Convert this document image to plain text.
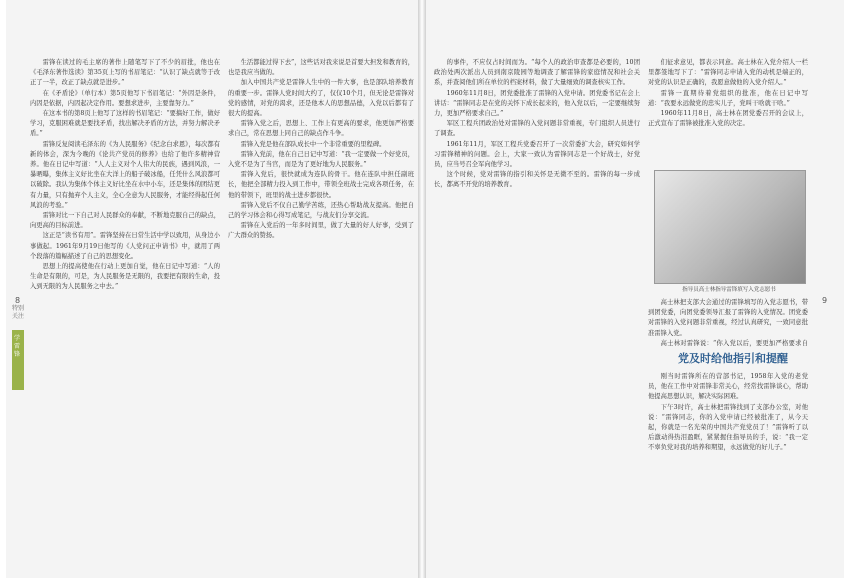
特别关注
学雷锋

雷锋在读过的毛主席的著作上随笔写下了不少的眉批，他也在《毛泽东著作选读》第35页上写的书眉笔记：“认识了缺点就等于改正了一半，改正了缺点就是进步。”

在《矛盾论》（单行本）第5页他写下书眉笔记：“外因是条件，内因是依据，内因起决定作用。要想求进步，主要靠努力。”

在这本书的第8页上他写了这样的书眉笔记：“要搞好工作，做好学习，克服困难就是要找矛盾，找出解决矛盾的方法，并努力解决矛盾。”

雷锋反复阅读毛泽东的《为人民服务》《纪念白求恩》，每次都有新的体会，深为今晚的《论共产党员的修养》也给了他许多精神营养。他在日记中写道：“人人主义对个人伟大的民族，遇到风浪，一暴晒曝，集体主义好比坐在大洋上的船子破冰船，任凭什么风浪都可以破除。我认为集体个体主义好比坐在水中小车，还是集体的团结更有力量，只有抛弃个人主义，全心全意为人民服务，才能经得起任何风浪的考验。”

雷锋对比一下自己对人民群众的奉献，不断地克服自己的缺点，向更高的目标前进。

这正是“读书有用”。雷锋坚持在日常生活中学以致用，从身边小事做起。1961年9月19日他写的《人党问正申请书》中，就用了两个段落的篇幅描述了自己的思想变化。

思想上的提高使他在行动上更加自觉，他在日记中写道：“人的生命是有限的，可是，为人民服务是无限的，我要把有限的生命，投入到无限的为人民服务之中去。”

生活都能过得下去”，这些话对我来说是首要大担发和教育的，也是我应当做的。

加入中国共产党是雷锋人生中的一件大事，也是部队培养教育的重要一步。雷锋人党时间大约了，仅仅10个月，但无论是雷锋对党的感情，对党的渴求，还是他本人的思想品德，入党以后都有了很大的提高。

雷锋入党之后，思想上、工作上有更高的要求，他更加严格要求自己，常在思想上同自己的缺点作斗争。

雷锋入党是他在部队成长中一个非常重要的里程碑。

雷锋入党前，他在自己日记中写道：“我一定要做一个好党员，入党不是为了当官，而是为了更好地为人民服务。”

雷锋入党后，很快就成为连队的骨干。他在连队中担任副班长，他把全部精力投入到工作中，带领全班战士完成各项任务，在他的带领下，班里的战士进步都很快。

雷锋入党后不仅自己勤学苦练，还热心帮助战友提高。他把自己的学习体会和心得写成笔记，与战友们分享交流。

雷锋在入党后的一年多时间里，做了大量的好人好事，受到了广大群众的赞扬。

的事件，不应仅占时间而为。“每个人的政治审查都是必要的，10团政治处两次派出人员到南京陵园等地调查了解雷锋的家庭情况和社会关系，并查阅他们所在单位的档案材料，做了大量细致的调查核实工作。

1960年11月8日，团党委批准了雷锋的入党申请。团党委书记在会上讲话：“雷锋同志是在党的关怀下成长起来的，他入党以后，一定要继续努力，更加严格要求自己。”

军区工程兵团政治处对雷锋的入党问题非常重视，专门组织人员进行了调查。

1961年11月，军区工程兵党委召开了一次常委扩大会，研究如何学习雷锋精神的问题。会上，大家一致认为雷锋同志是一个好战士，好党员，应当号召全军向他学习。

这个时候，党对雷锋的指引和关怀是无微不至的。雷锋的每一步成长，都离不开党的培养教育。

们征求意见，都表示同意。高士林在入党介绍人一栏里都签地写下了：“雷锋同志申请入党的动机是端正的，对党的认识是正确的，我愿意做他的入党介绍人。”

雷锋一直期待着党组织的批准，他在日记中写道：“我要永远做党的忠实儿子，党叫干啥就干啥。”

1960年11月8日，高士林在团党委召开的会议上，正式宣布了雷锋被批准入党的决定。

指导员高士林指导雷锋填写入党志愿书

高士林把支部大会通过的雷锋填写的入党志愿书，带到团党委，向团党委领导汇报了雷锋的入党情况。团党委对雷锋的入党问题非常重视，经过认真研究，一致同意批准雷锋入党。

高士林对雷锋说：“你入党以后，要更加严格要求自

党及时给他指引和提醒

刚当时雷锋所在的营部书记，1958年入党的老党员，他在工作中对雷锋非常关心，经常找雷锋谈心，帮助他提高思想认识，解决实际困难。

下午3时许，高士林把雷锋找到了支部办公室，对他说：“雷锋同志，你的入党申请已经被批准了，从今天起，你就是一名光荣的中国共产党党员了！”雷锋听了以后激动得热泪盈眶，紧紧握住指导员的手，说：“我一定不辜负党对我的培养和期望，永远做党的好儿子。”

8	9
